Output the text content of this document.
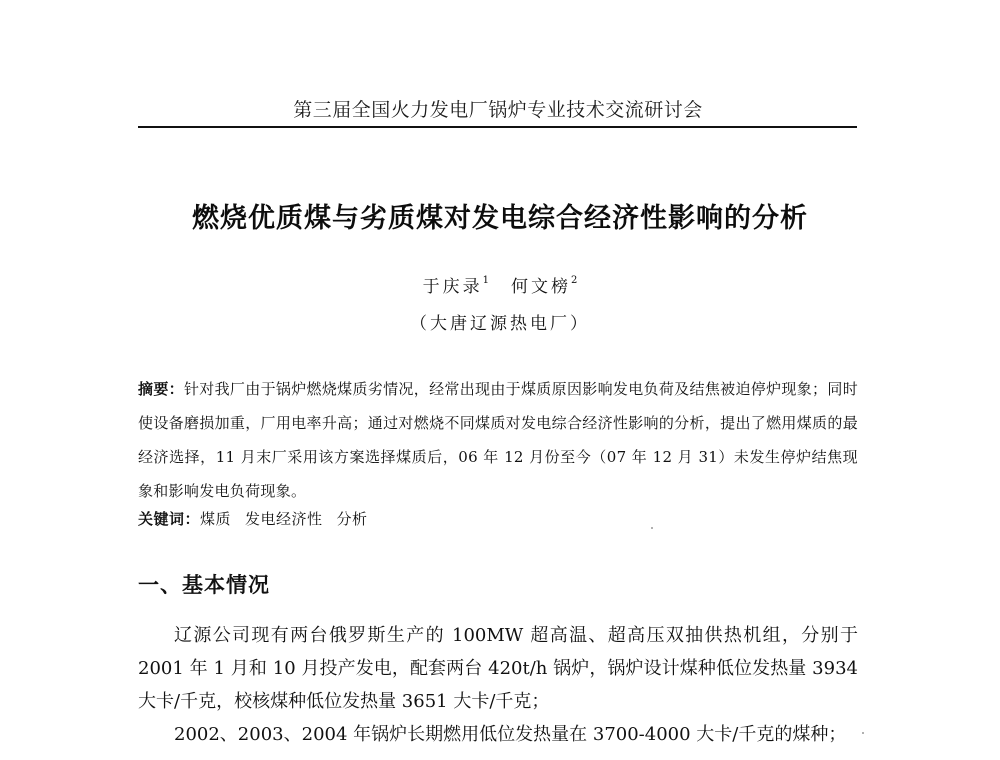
第三届全国火力发电厂锅炉专业技术交流研讨会
燃烧优质煤与劣质煤对发电综合经济性影响的分析
于庆录$^1$ 何文榜$^2$
（大唐辽源热电厂）
摘要：针对我厂由于锅炉燃烧煤质劣情况，经常出现由于煤质原因影响发电负荷及结焦被迫停炉现象；同时使设备磨损加重，厂用电率升高；通过对燃烧不同煤质对发电综合经济性影响的分析，提出了燃用煤质的最经济选择，11 月末厂采用该方案选择煤质后，06 年 12 月份至今（07 年 12 月 31）未发生停炉结焦现象和影响发电负荷现象。
关键词：煤质 发电经济性 分析
一、基本情况

辽源公司现有两台俄罗斯生产的 100MW 超高温、超高压双抽供热机组，分别于 2001 年 1 月和 10 月投产发电，配套两台 420t/h 锅炉，锅炉设计煤种低位发热量 3934 大卡/千克，校核煤种低位发热量 3651 大卡/千克；

2002、2003、2004 年锅炉长期燃用低位发热量在 3700-4000 大卡/千克的煤种；
